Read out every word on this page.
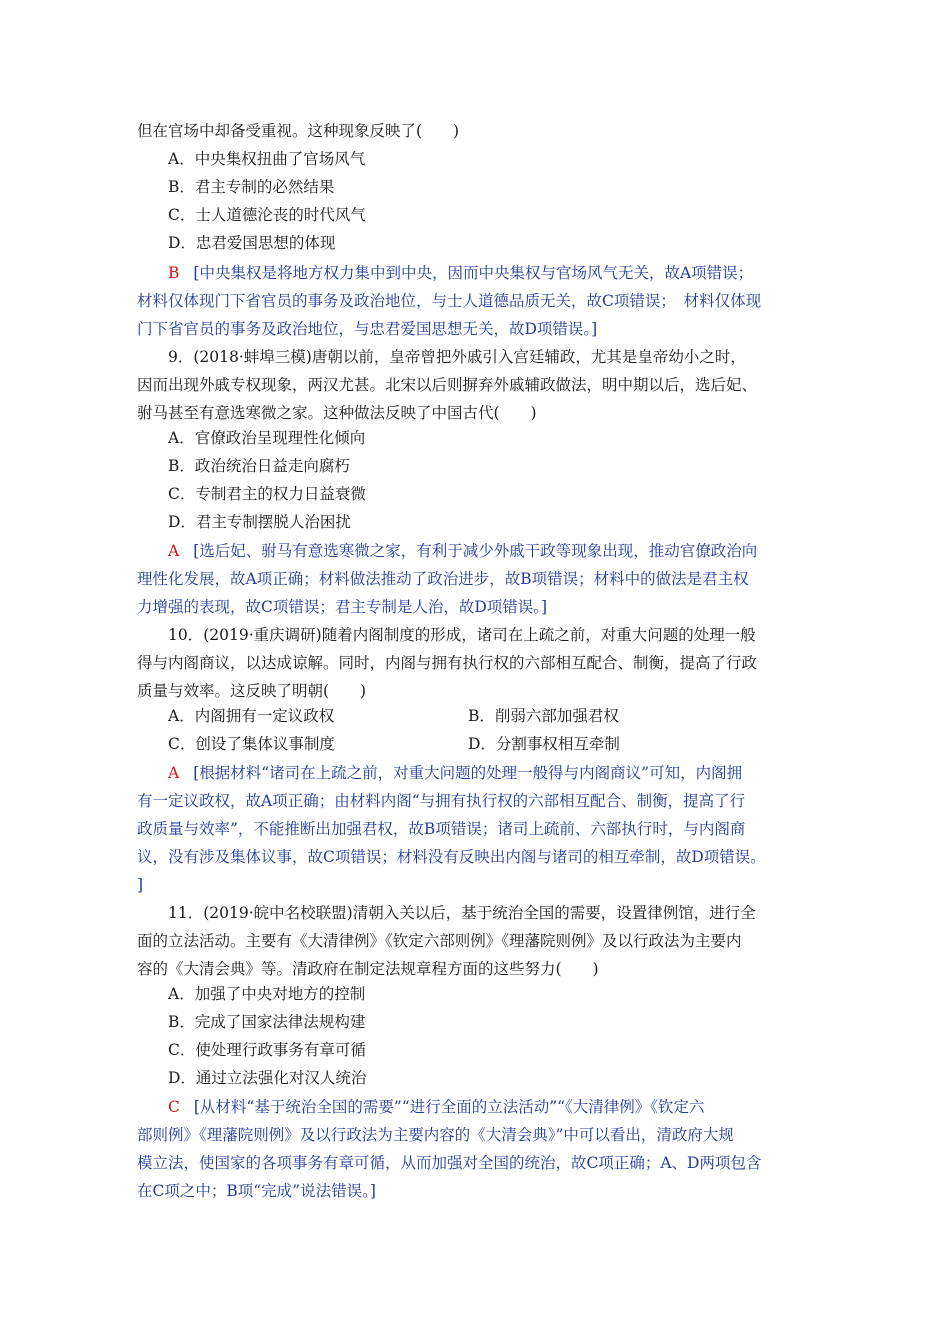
但在官场中却备受重视。这种现象反映了(　　)
A．中央集权扭曲了官场风气
B．君主专制的必然结果
C．士人道德沦丧的时代风气
D．忠君爱国思想的体现
B [中央集权是将地方权力集中到中央，因而中央集权与官场风气无关，故A项错误；
材料仅体现门下省官员的事务及政治地位，与士人道德品质无关，故C项错误；　材料仅体现
门下省官员的事务及政治地位，与忠君爱国思想无关，故D项错误。]
9．(2018·蚌埠三模)唐朝以前，皇帝曾把外戚引入宫廷辅政，尤其是皇帝幼小之时，
因而出现外戚专权现象，两汉尤甚。北宋以后则摒弃外戚辅政做法，明中期以后，选后妃、
驸马甚至有意选寒微之家。这种做法反映了中国古代(　　)
A．官僚政治呈现理性化倾向
B．政治统治日益走向腐朽
C．专制君主的权力日益衰微
D．君主专制摆脱人治困扰
A [选后妃、驸马有意选寒微之家，有利于减少外戚干政等现象出现，推动官僚政治向
理性化发展，故A项正确；材料做法推动了政治进步，故B项错误；材料中的做法是君主权
力增强的表现，故C项错误；君主专制是人治，故D项错误。]
10．(2019·重庆调研)随着内阁制度的形成，诸司在上疏之前，对重大问题的处理一般
得与内阁商议，以达成谅解。同时，内阁与拥有执行权的六部相互配合、制衡，提高了行政
质量与效率。这反映了明朝(　　)
A．内阁拥有一定议政权	B．削弱六部加强君权
C．创设了集体议事制度	D．分割事权相互牵制
A [根据材料“诸司在上疏之前，对重大问题的处理一般得与内阁商议”可知，内阁拥
有一定议政权，故A项正确；由材料内阁“与拥有执行权的六部相互配合、制衡，提高了行
政质量与效率”，不能推断出加强君权，故B项错误；诸司上疏前、六部执行时，与内阁商
议，没有涉及集体议事，故C项错误；材料没有反映出内阁与诸司的相互牵制，故D项错误。
]
11．(2019·皖中名校联盟)清朝入关以后，基于统治全国的需要，设置律例馆，进行全
面的立法活动。主要有《大清律例》《钦定六部则例》《理藩院则例》及以行政法为主要内
容的《大清会典》等。清政府在制定法规章程方面的这些努力(　　)
A．加强了中央对地方的控制
B．完成了国家法律法规构建
C．使处理行政事务有章可循
D．通过立法强化对汉人统治
C [从材料“基于统治全国的需要”“进行全面的立法活动”“《大清律例》《钦定六
部则例》《理藩院则例》及以行政法为主要内容的《大清会典》”中可以看出，清政府大规
模立法，使国家的各项事务有章可循，从而加强对全国的统治，故C项正确；A、D两项包含
在C项之中；B项“完成”说法错误。]
